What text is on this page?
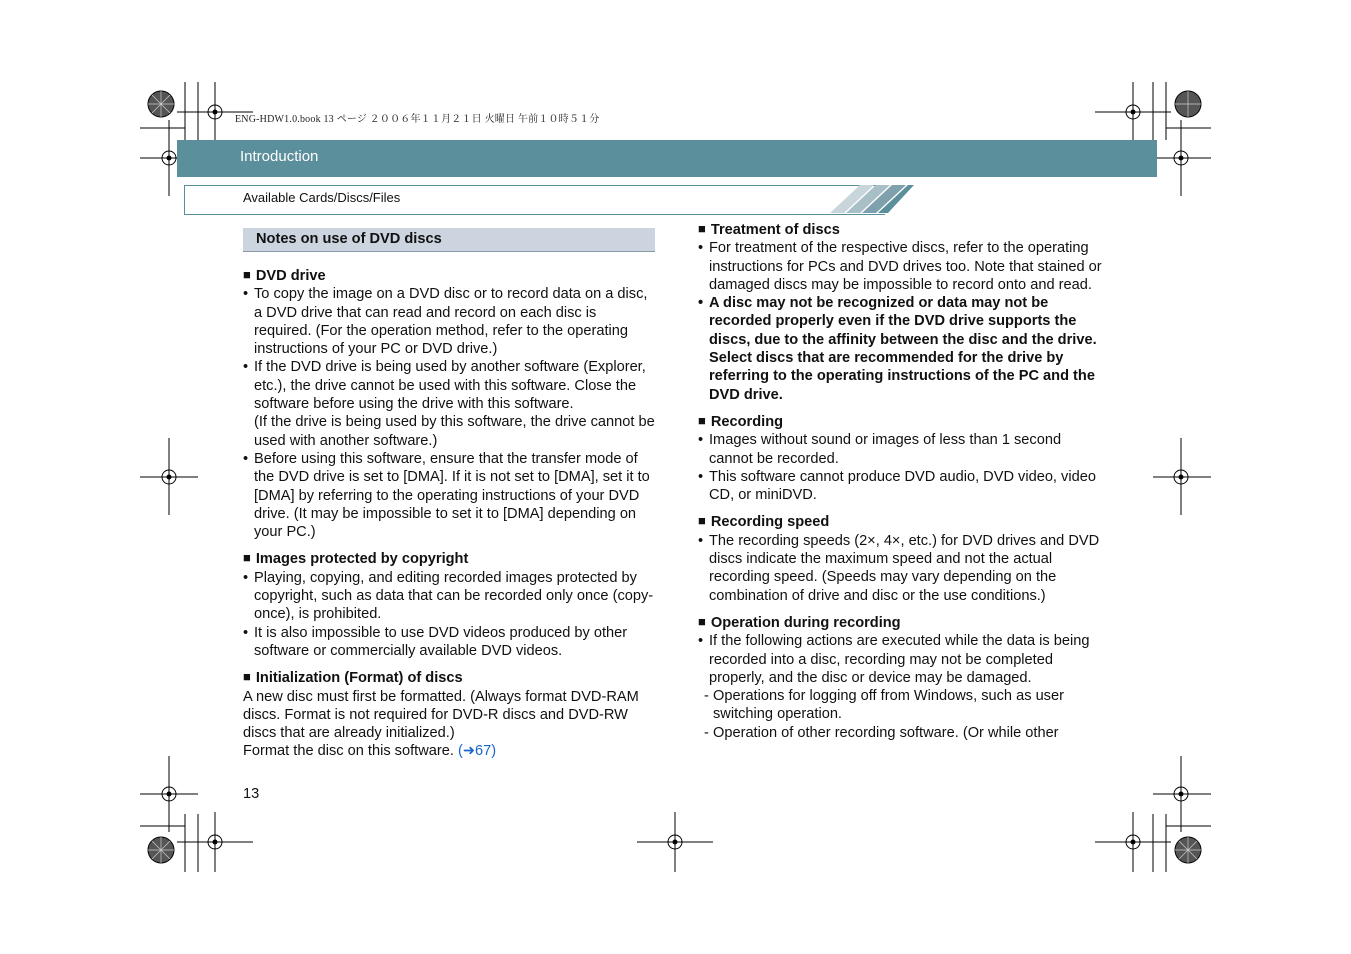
ENG-HDW1.0.book 13 ページ ２００６年１１月２１日 火曜日 午前１０時５１分
Introduction
Available Cards/Discs/Files
Notes on use of DVD discs

■ DVD drive

• To copy the image on a DVD disc or to record data on a disc, a DVD drive that can read and record on each disc is required. (For the operation method, refer to the operating instructions of your PC or DVD drive.)
• If the DVD drive is being used by another software (Explorer, etc.), the drive cannot be used with this software. Close the software before using the drive with this software.
(If the drive is being used by this software, the drive cannot be used with another software.)
• Before using this software, ensure that the transfer mode of the DVD drive is set to [DMA]. If it is not set to [DMA], set it to [DMA] by referring to the operating instructions of your DVD drive. (It may be impossible to set it to [DMA] depending on your PC.)

■ Images protected by copyright

• Playing, copying, and editing recorded images protected by copyright, such as data that can be recorded only once (copy-once), is prohibited.
• It is also impossible to use DVD videos produced by other software or commercially available DVD videos.

■ Initialization (Format) of discs

A new disc must first be formatted. (Always format DVD-RAM discs. Format is not required for DVD-R discs and DVD-RW discs that are already initialized.)

Format the disc on this software. (➜67)

■ Treatment of discs

• For treatment of the respective discs, refer to the operating instructions for PCs and DVD drives too. Note that stained or damaged discs may be impossible to record onto and read.
• A disc may not be recognized or data may not be recorded properly even if the DVD drive supports the discs, due to the affinity between the disc and the drive. Select discs that are recommended for the drive by referring to the operating instructions of the PC and the DVD drive.

■ Recording

• Images without sound or images of less than 1 second cannot be recorded.
• This software cannot produce DVD audio, DVD video, video CD, or miniDVD.

■ Recording speed

• The recording speeds (2×, 4×, etc.) for DVD drives and DVD discs indicate the maximum speed and not the actual recording speed. (Speeds may vary depending on the combination of drive and disc or the use conditions.)

■ Operation during recording

• If the following actions are executed while the data is being recorded into a disc, recording may not be completed properly, and the disc or device may be damaged.
- Operations for logging off from Windows, such as user switching operation.
- Operation of other recording software. (Or while other
13
